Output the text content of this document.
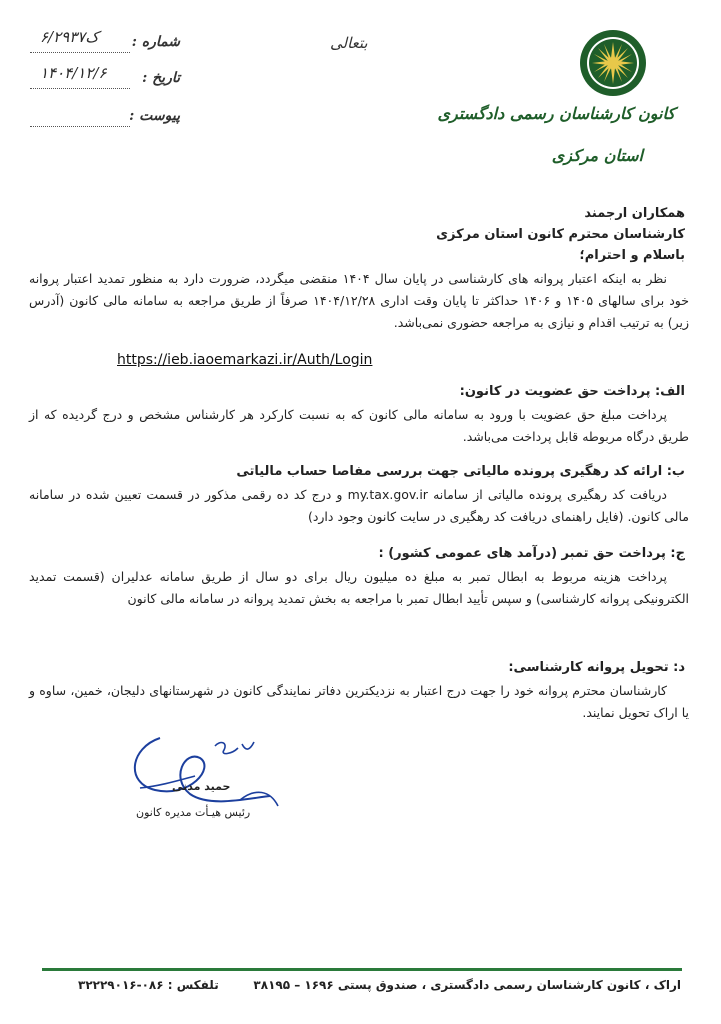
شماره :
۶/ک۲۹۳۷
تاریخ :
۱۴۰۴/۱۲/۶
پیوست :
بتعالی
کانون کارشناسان رسمی دادگستری
استان مرکزی
همکاران ارجمند
کارشناسان محترم کانون استان مرکزی
باسلام و احترام؛
نظر به اینکه اعتبار پروانه های کارشناسی در پایان سال ۱۴۰۴ منقضی میگردد، ضرورت دارد به منظور تمدید اعتبار پروانه خود برای سالهای ۱۴۰۵ و ۱۴۰۶ حداکثر تا پایان وقت اداری ۱۴۰۴/۱۲/۲۸ صرفاً از طریق مراجعه به سامانه مالی کانون (آدرس زیر) به ترتیب اقدام و نیازی به مراجعه حضوری نمی‌باشد.
https://ieb.iaoemarkazi.ir/Auth/Login
الف: پرداخت حق عضویت در کانون:
پرداخت مبلغ حق عضویت با ورود به سامانه مالی کانون که به نسبت کارکرد هر کارشناس مشخص و درج گردیده که از طریق درگاه مربوطه قابل پرداخت می‌باشد.
ب: ارائه کد رهگیری پرونده مالیاتی جهت بررسی مفاصا حساب مالیاتی
دریافت کد رهگیری پرونده مالیاتی از سامانه my.tax.gov.ir و درج کد ده رقمی مذکور در قسمت تعیین شده در سامانه مالی کانون. (فایل راهنمای دریافت کد رهگیری در سایت کانون وجود دارد)
ج: پرداخت حق تمبر (درآمد های عمومی کشور) :
پرداخت هزینه مربوط به ابطال تمبر به مبلغ ده میلیون ریال برای دو سال از طریق سامانه عدلیران (قسمت تمدید الکترونیکی پروانه کارشناسی) و سپس تأیید ابطال تمبر با مراجعه به بخش تمدید پروانه در سامانه مالی کانون
د: تحویل پروانه کارشناسی:
کارشناسان محترم پروانه خود را جهت درج اعتبار به نزدیکترین دفاتر نمایندگی کانون در شهرستانهای دلیجان، خمین، ساوه و یا اراک تحویل نمایند.
حمید مدنی
رئیس هیـأت مدیره کانون
اراک ، کانون کارشناسان رسمی دادگستری ، صندوق پستی ۱۶۹۶ – ۳۸۱۹۵
تلفکس : ۰۸۶-۳۲۲۲۹۰۱۶
